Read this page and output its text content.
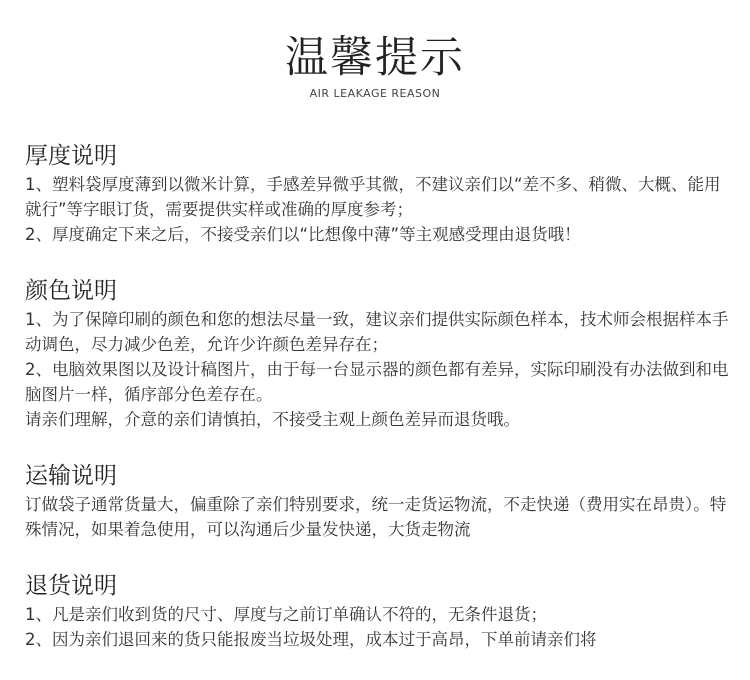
温馨提示
AIR LEAKAGE REASON
厚度说明

1、塑料袋厚度薄到以微米计算，手感差异微乎其微，不建议亲们以“差不多、稍微、大概、能用就行”等字眼订货，需要提供实样或准确的厚度参考；

2、厚度确定下来之后，不接受亲们以“比想像中薄”等主观感受理由退货哦！

颜色说明

1、为了保障印刷的颜色和您的想法尽量一致，建议亲们提供实际颜色样本，技术师会根据样本手动调色，尽力减少色差，允许少许颜色差异存在；

2、电脑效果图以及设计稿图片，由于每一台显示器的颜色都有差异，实际印刷没有办法做到和电脑图片一样，循序部分色差存在。

请亲们理解，介意的亲们请慎拍，不接受主观上颜色差异而退货哦。

运输说明

订做袋子通常货量大，偏重除了亲们特别要求，统一走货运物流，不走快递（费用实在昂贵）。特殊情况，如果着急使用，可以沟通后少量发快递，大货走物流

退货说明

1、凡是亲们收到货的尺寸、厚度与之前订单确认不符的，无条件退货；

2、因为亲们退回来的货只能报废当垃圾处理，成本过于高昂，下单前请亲们将
